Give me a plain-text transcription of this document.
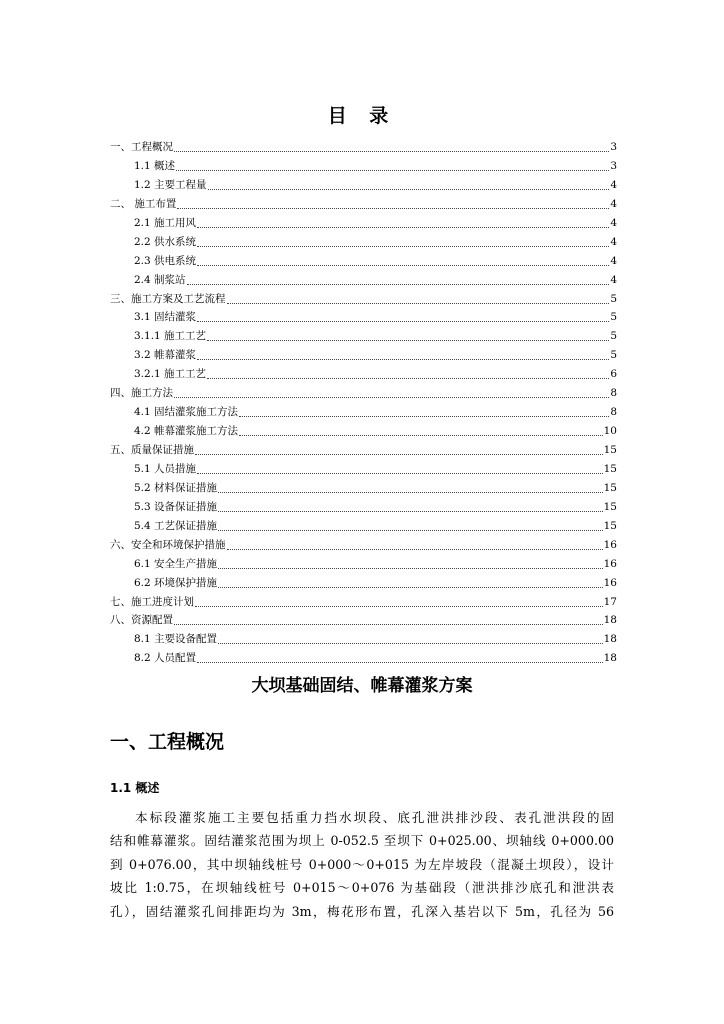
目 录
一、工程概况	3
1.1 概述	3
1.2 主要工程量	4
二、 施工布置	4
2.1 施工用风	4
2.2 供水系统	4
2.3 供电系统	4
2.4 制浆站	4
三、施工方案及工艺流程	5
3.1 固结灌浆	5
3.1.1 施工工艺	5
3.2 帷幕灌浆	5
3.2.1 施工工艺	6
四、施工方法	8
4.1 固结灌浆施工方法	8
4.2 帷幕灌浆施工方法	10
五、质量保证措施	15
5.1 人员措施	15
5.2 材料保证措施	15
5.3 设备保证措施	15
5.4 工艺保证措施	15
六、安全和环境保护措施	16
6.1 安全生产措施	16
6.2 环境保护措施	16
七、施工进度计划	17
八、资源配置	18
8.1 主要设备配置	18
8.2 人员配置	18
大坝基础固结、帷幕灌浆方案
一、工程概况
1.1 概述
本标段灌浆施工主要包括重力挡水坝段、底孔泄洪排沙段、表孔泄洪段的固
结和帷幕灌浆。固结灌浆范围为坝上 0-052.5 至坝下 0+025.00、坝轴线 0+000.00
到 0+076.00，其中坝轴线桩号 0+000～0+015 为左岸坡段（混凝土坝段），设计
坡比 1:0.75，在坝轴线桩号 0+015～0+076 为基础段（泄洪排沙底孔和泄洪表
孔），固结灌浆孔间排距均为 3m，梅花形布置，孔深入基岩以下 5m，孔径为 56
